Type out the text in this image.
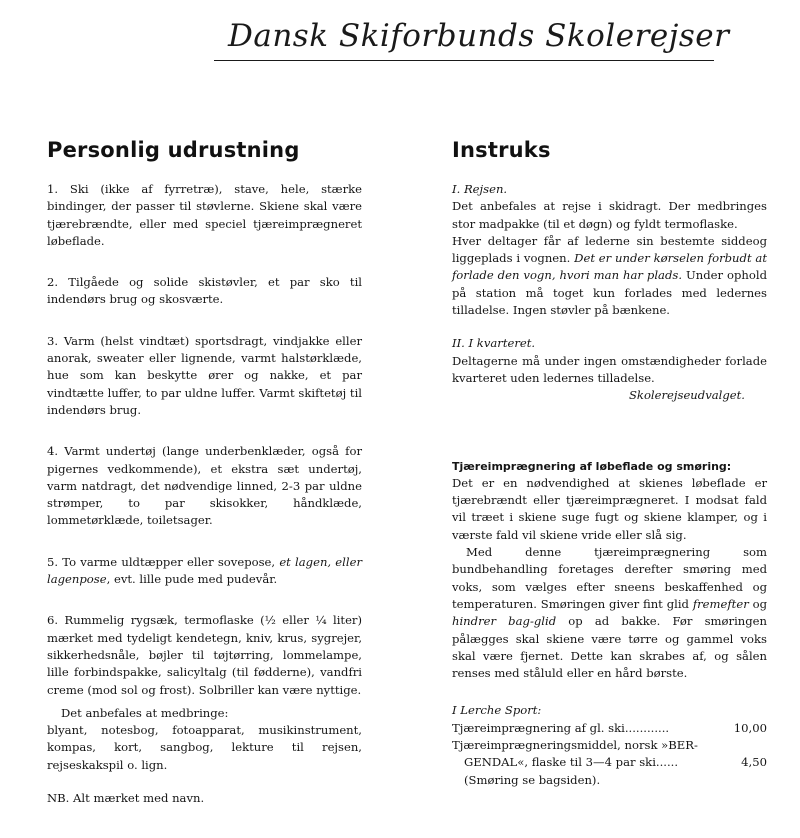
Dansk Skiforbunds Skolerejser
Personlig udrustning

1. Ski (ikke af fyrretræ), stave, hele, stærke bindinger, der passer til støvlerne. Skiene skal være tjærebrændte, eller med speciel tjæreimprægneret løbeflade.

2. Tilgåede og solide skistøvler, et par sko til indendørs brug og skosværte.

3. Varm (helst vindtæt) sportsdragt, vindjakke eller anorak, sweater eller lignende, varmt halstørklæde, hue som kan beskytte ører og nakke, et par vindtætte luffer, to par uldne luffer. Varmt skiftetøj til indendørs brug.

4. Varmt undertøj (lange underbenklæder, også for pigernes vedkommende), et ekstra sæt undertøj, varm natdragt, det nødvendige linned, 2-3 par uldne strømper, to par skisokker, håndklæde, lommetørklæde, toiletsager.

5. To varme uldtæpper eller sovepose, et lagen, eller lagenpose, evt. lille pude med pudevår.

6. Rummelig rygsæk, termoflaske (½ eller ¼ liter) mærket med tydeligt kendetegn, kniv, krus, sygrejer, sikkerhedsnåle, bøjler til tøjtørring, lommelampe, lille forbindspakke, salicyltalg (til fødderne), vandfri creme (mod sol og frost). Solbriller kan være nyttige.

Det anbefales at medbringe:

blyant, notesbog, fotoapparat, musikinstrument, kompas, kort, sangbog, lekture til rejsen, rejseskakspil o. lign.

NB. Alt mærket med navn.

Instruks

I. Rejsen.

Det anbefales at rejse i skidragt. Der medbringes stor madpakke (til et døgn) og fyldt termoflaske.

Hver deltager får af lederne sin bestemte siddeog liggeplads i vognen. Det er under kørselen forbudt at forlade den vogn, hvori man har plads. Under ophold på station må toget kun forlades med ledernes tilladelse. Ingen støvler på bænkene.

II. I kvarteret.

Deltagerne må under ingen omstændigheder forlade kvarteret uden ledernes tilladelse.

Skolerejseudvalget.

Tjæreimprægnering af løbeflade og smøring:

Det er en nødvendighed at skienes løbeflade er tjærebrændt eller tjæreimprægneret. I modsat fald vil træet i skiene suge fugt og skiene klamper, og i værste fald vil skiene vride eller slå sig.

Med denne tjæreimprægnering som bundbehandling foretages derefter smøring med voks, som vælges efter sneens beskaffenhed og temperaturen. Smøringen giver fint glid fremefter og hindrer bag-glid op ad bakke. Før smøringen pålægges skal skiene være tørre og gammel voks skal være fjernet. Dette kan skrabes af, og sålen renses med ståluld eller en hård børste.

I Lerche Sport:

Tjæreimprægnering af gl. ski ............	10,00

Tjæreimprægneringsmiddel, norsk »BER-

GENDAL«, flaske til 3—4 par ski ......	4,50

(Smøring se bagsiden).
